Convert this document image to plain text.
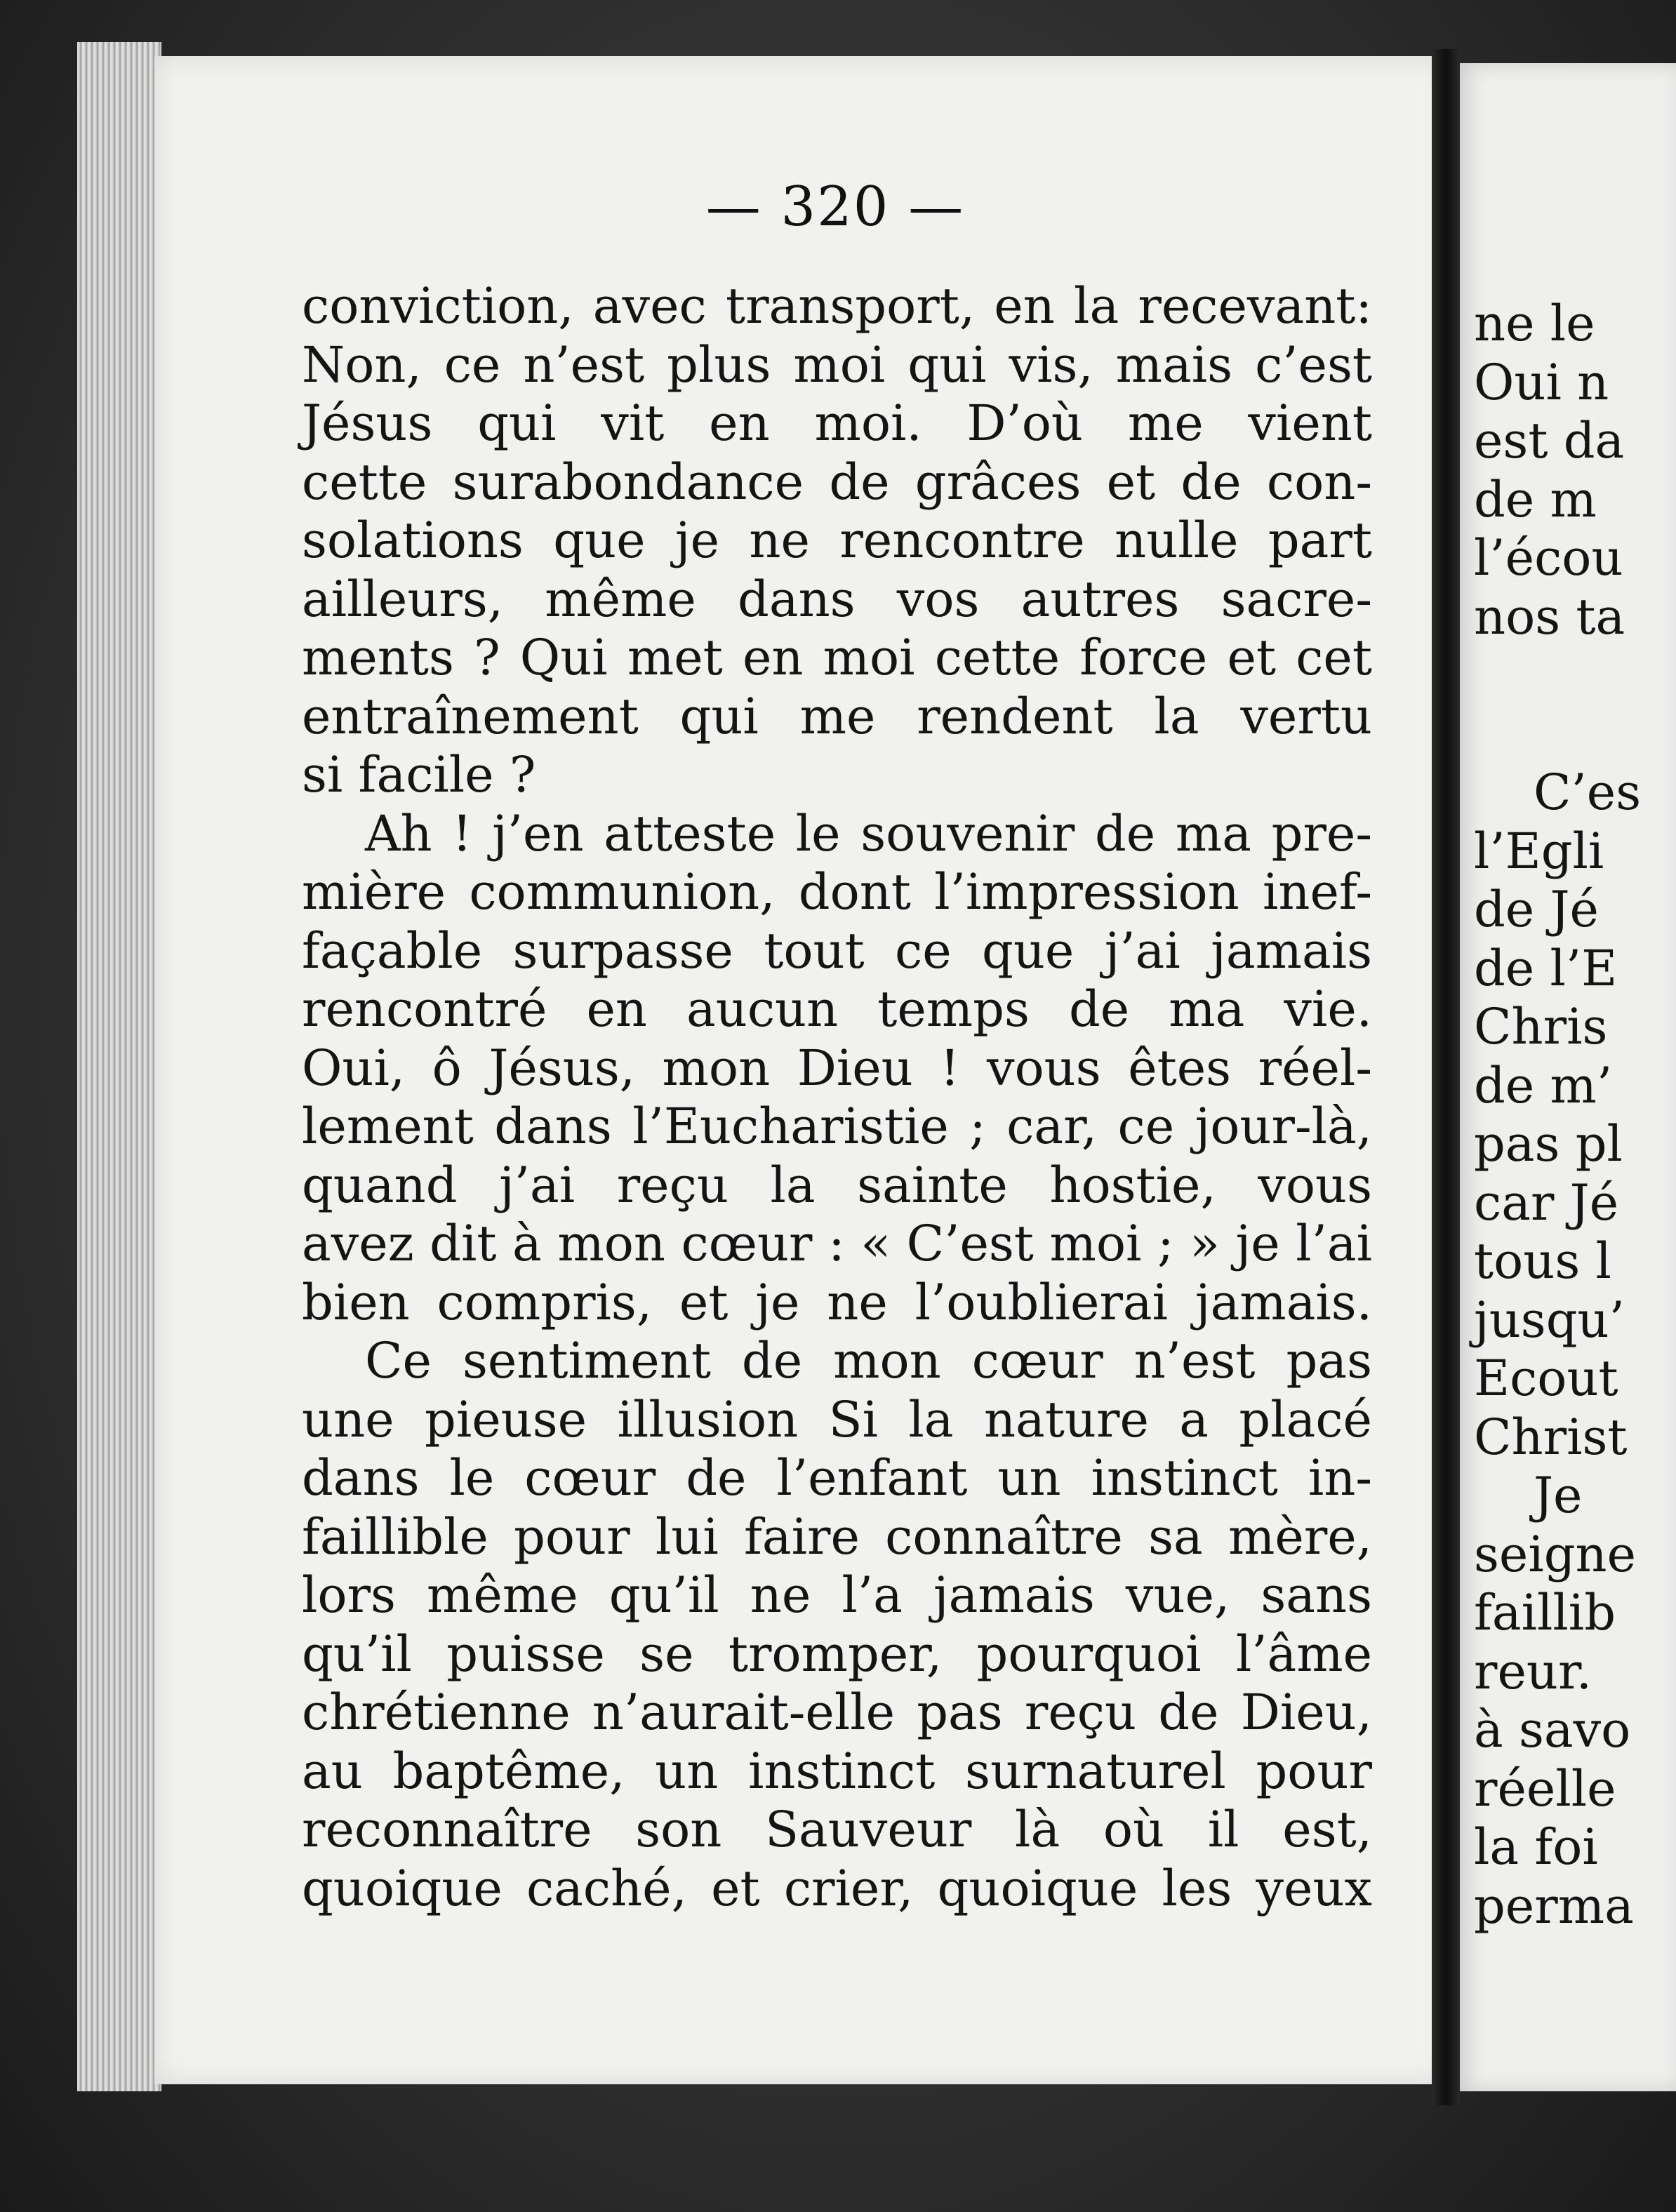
— 320 —
conviction, avec transport, en la recevant:
Non, ce n’est plus moi qui vis, mais c’est
Jésus qui vit en moi. D’où me vient
cette surabondance de grâces et de con-
solations que je ne rencontre nulle part
ailleurs, même dans vos autres sacre-
ments ? Qui met en moi cette force et cet
entraînement qui me rendent la vertu
si facile ?
Ah ! j’en atteste le souvenir de ma pre-
mière communion, dont l’impression inef-
façable surpasse tout ce que j’ai jamais
rencontré en aucun temps de ma vie.
Oui, ô Jésus, mon Dieu ! vous êtes réel-
lement dans l’Eucharistie ; car, ce jour-là,
quand j’ai reçu la sainte hostie, vous
avez dit à mon cœur : « C’est moi ; » je l’ai
bien compris, et je ne l’oublierai jamais.
Ce sentiment de mon cœur n’est pas
une pieuse illusion Si la nature a placé
dans le cœur de l’enfant un instinct in-
faillible pour lui faire connaître sa mère,
lors même qu’il ne l’a jamais vue, sans
qu’il puisse se tromper, pourquoi l’âme
chrétienne n’aurait-elle pas reçu de Dieu,
au baptême, un instinct surnaturel pour
reconnaître son Sauveur là où il est,
quoique caché, et crier, quoique les yeux
ne le
Oui n
est da
de m
l’écou
nos ta
C’es
l’Egli
de Jé
de l’E
Chris
de m’
pas pl
car Jé
tous l
jusqu’
Ecout
Christ
Je
seigne
faillib
reur.
à savo
réelle
la foi
perma
